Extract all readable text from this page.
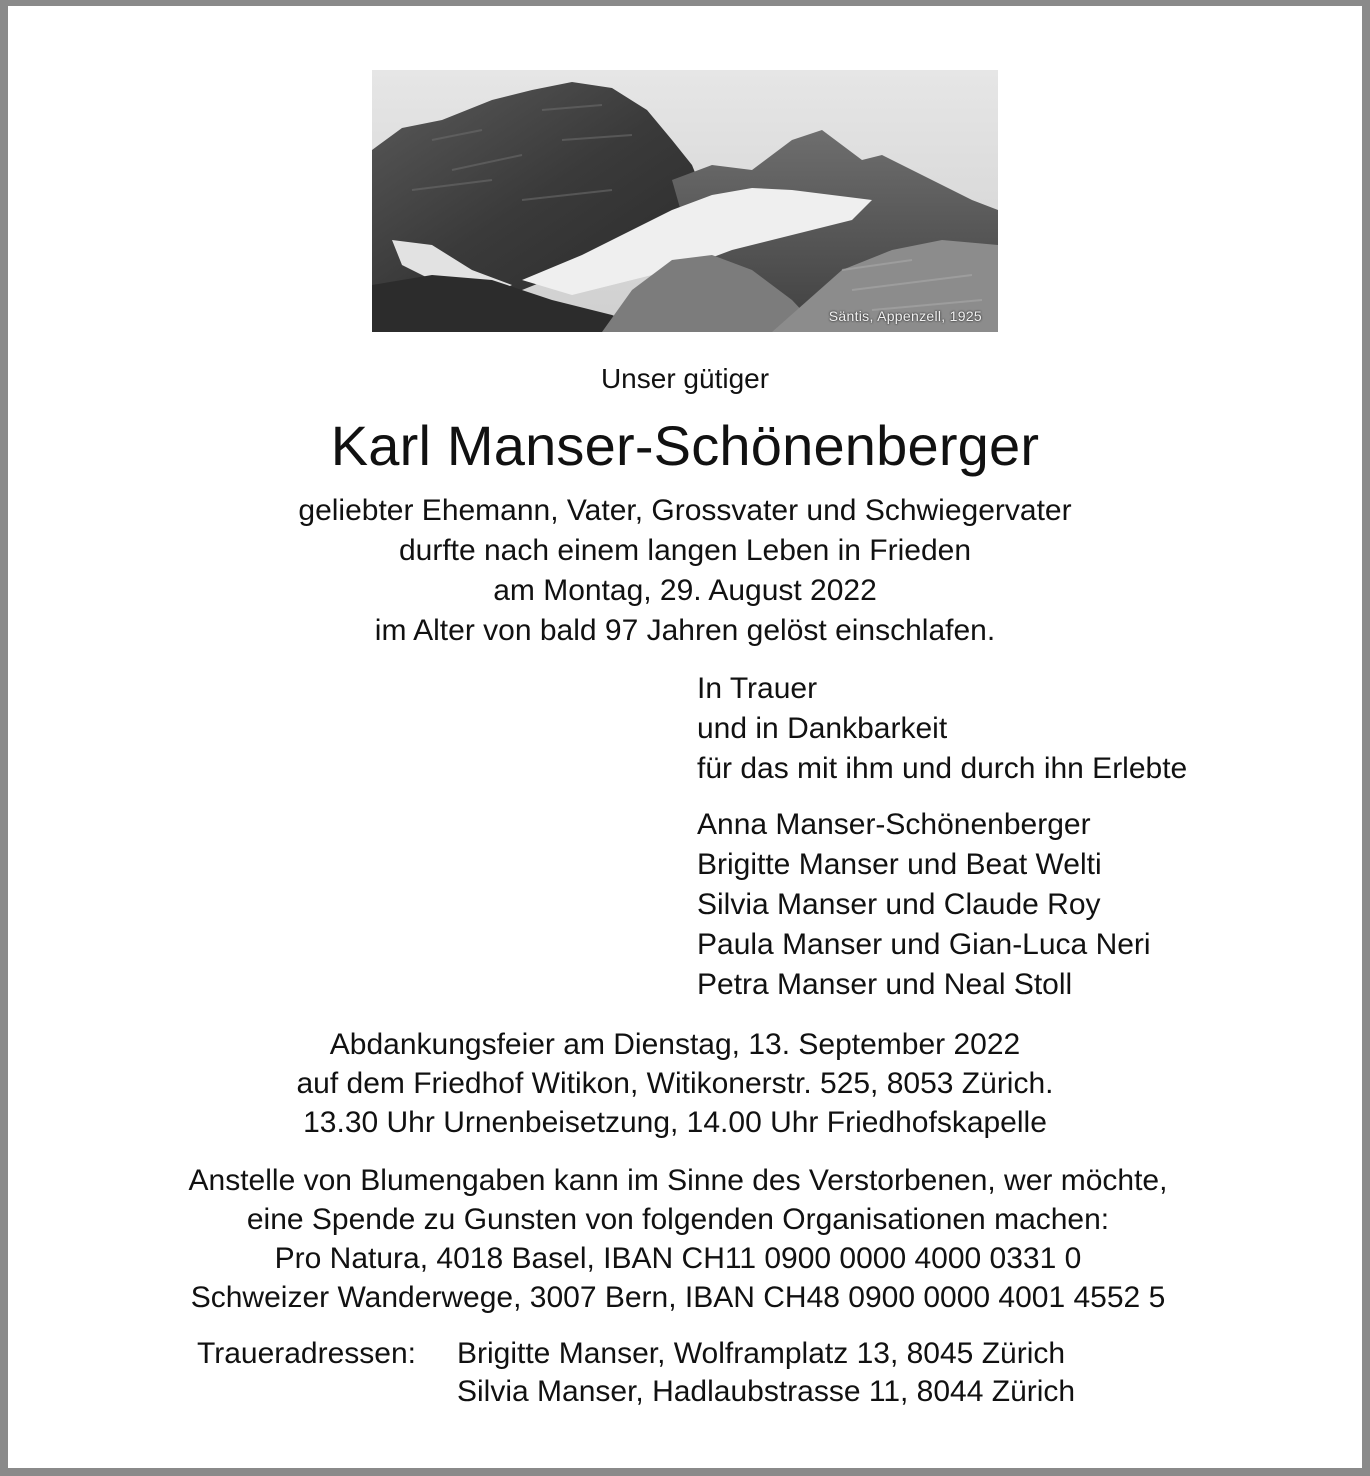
Säntis, Appenzell, 1925
Unser gütiger
Karl Manser-Schönenberger
geliebter Ehemann, Vater, Grossvater und Schwiegervater
durfte nach einem langen Leben in Frieden
am Montag, 29. August 2022
im Alter von bald 97 Jahren gelöst einschlafen.
In Trauer
und in Dankbarkeit
für das mit ihm und durch ihn Erlebte
Anna Manser-Schönenberger
Brigitte Manser und Beat Welti
Silvia Manser und Claude Roy
Paula Manser und Gian-Luca Neri
Petra Manser und Neal Stoll
Abdankungsfeier am Dienstag, 13. September 2022
auf dem Friedhof Witikon, Witikonerstr. 525, 8053 Zürich.
13.30 Uhr Urnenbeisetzung, 14.00 Uhr Friedhofskapelle
Anstelle von Blumengaben kann im Sinne des Verstorbenen, wer möchte,
eine Spende zu Gunsten von folgenden Organisationen machen:
Pro Natura, 4018 Basel, IBAN CH11 0900 0000 4000 0331 0
Schweizer Wanderwege, 3007 Bern, IBAN CH48 0900 0000 4001 4552 5
Traueradressen: Brigitte Manser, Wolframplatz 13, 8045 Zürich
Silvia Manser, Hadlaubstrasse 11, 8044 Zürich
